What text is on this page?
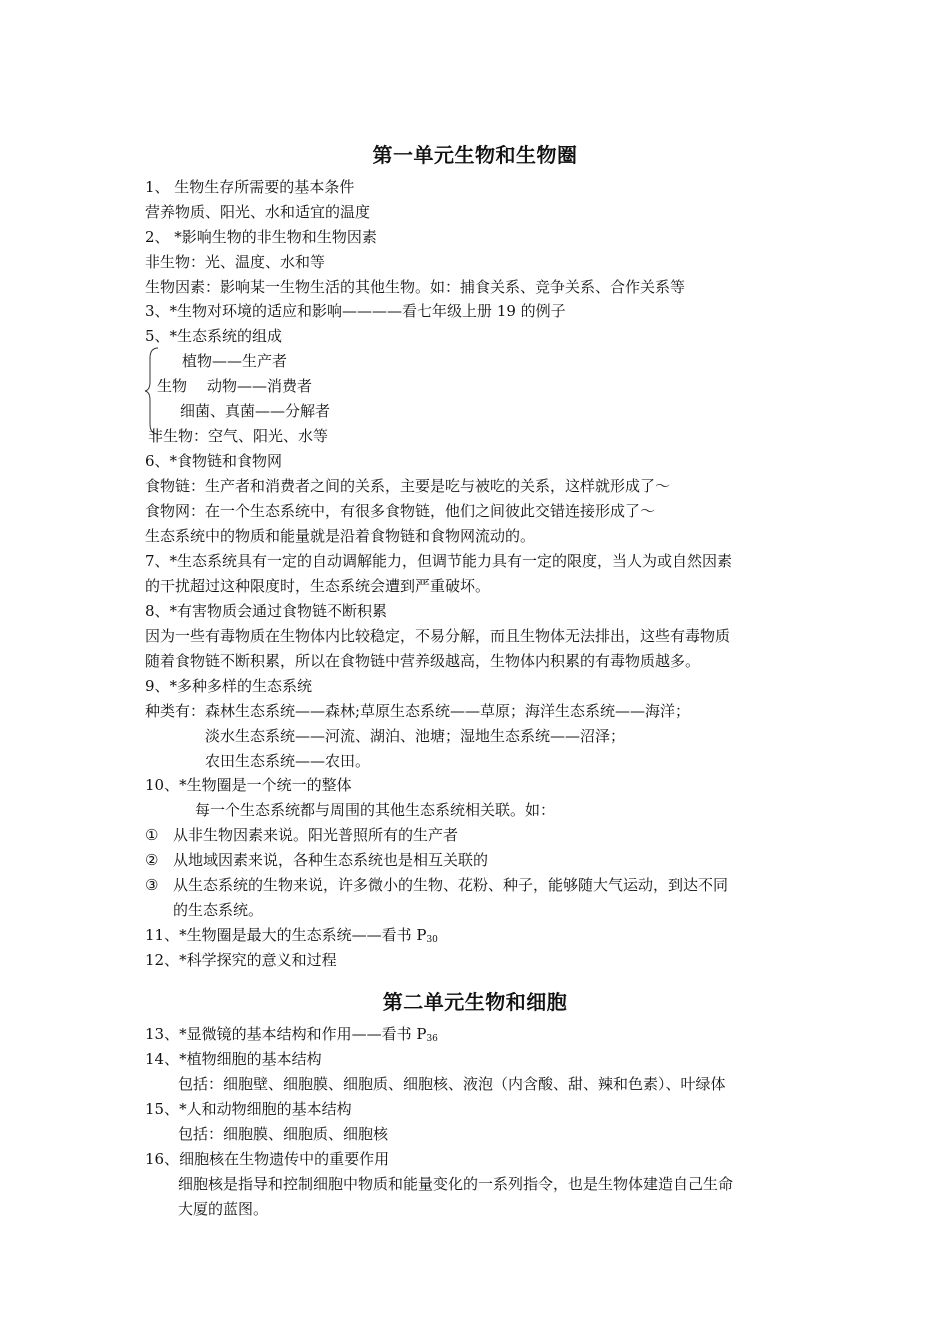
第一单元生物和生物圈
1、 生物生存所需要的基本条件
营养物质、阳光、水和适宜的温度
2、 *影响生物的非生物和生物因素
非生物：光、温度、水和等
生物因素：影响某一生物生活的其他生物。如：捕食关系、竞争关系、合作关系等
3、*生物对环境的适应和影响————看七年级上册 19 的例子
5、*生态系统的组成
植物——生产者
生物 动物——消费者
细菌、真菌——分解者
非生物：空气、阳光、水等
6、*食物链和食物网
食物链：生产者和消费者之间的关系，主要是吃与被吃的关系，这样就形成了～
食物网：在一个生态系统中，有很多食物链，他们之间彼此交错连接形成了～
生态系统中的物质和能量就是沿着食物链和食物网流动的。
7、*生态系统具有一定的自动调解能力，但调节能力具有一定的限度，当人为或自然因素
的干扰超过这种限度时，生态系统会遭到严重破坏。
8、*有害物质会通过食物链不断积累
因为一些有毒物质在生物体内比较稳定，不易分解，而且生物体无法排出，这些有毒物质
随着食物链不断积累，所以在食物链中营养级越高，生物体内积累的有毒物质越多。
9、*多种多样的生态系统
种类有：森林生态系统——森林;草原生态系统——草原；海洋生态系统——海洋；
淡水生态系统——河流、湖泊、池塘；湿地生态系统——沼泽；
农田生态系统——农田。
10、*生物圈是一个统一的整体
每一个生态系统都与周围的其他生态系统相关联。如：
① 从非生物因素来说。阳光普照所有的生产者
② 从地域因素来说，各种生态系统也是相互关联的
③ 从生态系统的生物来说，许多微小的生物、花粉、种子，能够随大气运动，到达不同
的生态系统。
11、*生物圈是最大的生态系统——看书 $P_{30}$
12、*科学探究的意义和过程
第二单元生物和细胞
13、*显微镜的基本结构和作用——看书 $P_{36}$
14、*植物细胞的基本结构
包括：细胞壁、细胞膜、细胞质、细胞核、液泡（内含酸、甜、辣和色素）、叶绿体
15、*人和动物细胞的基本结构
包括：细胞膜、细胞质、细胞核
16、细胞核在生物遗传中的重要作用
细胞核是指导和控制细胞中物质和能量变化的一系列指令，也是生物体建造自己生命
大厦的蓝图。
